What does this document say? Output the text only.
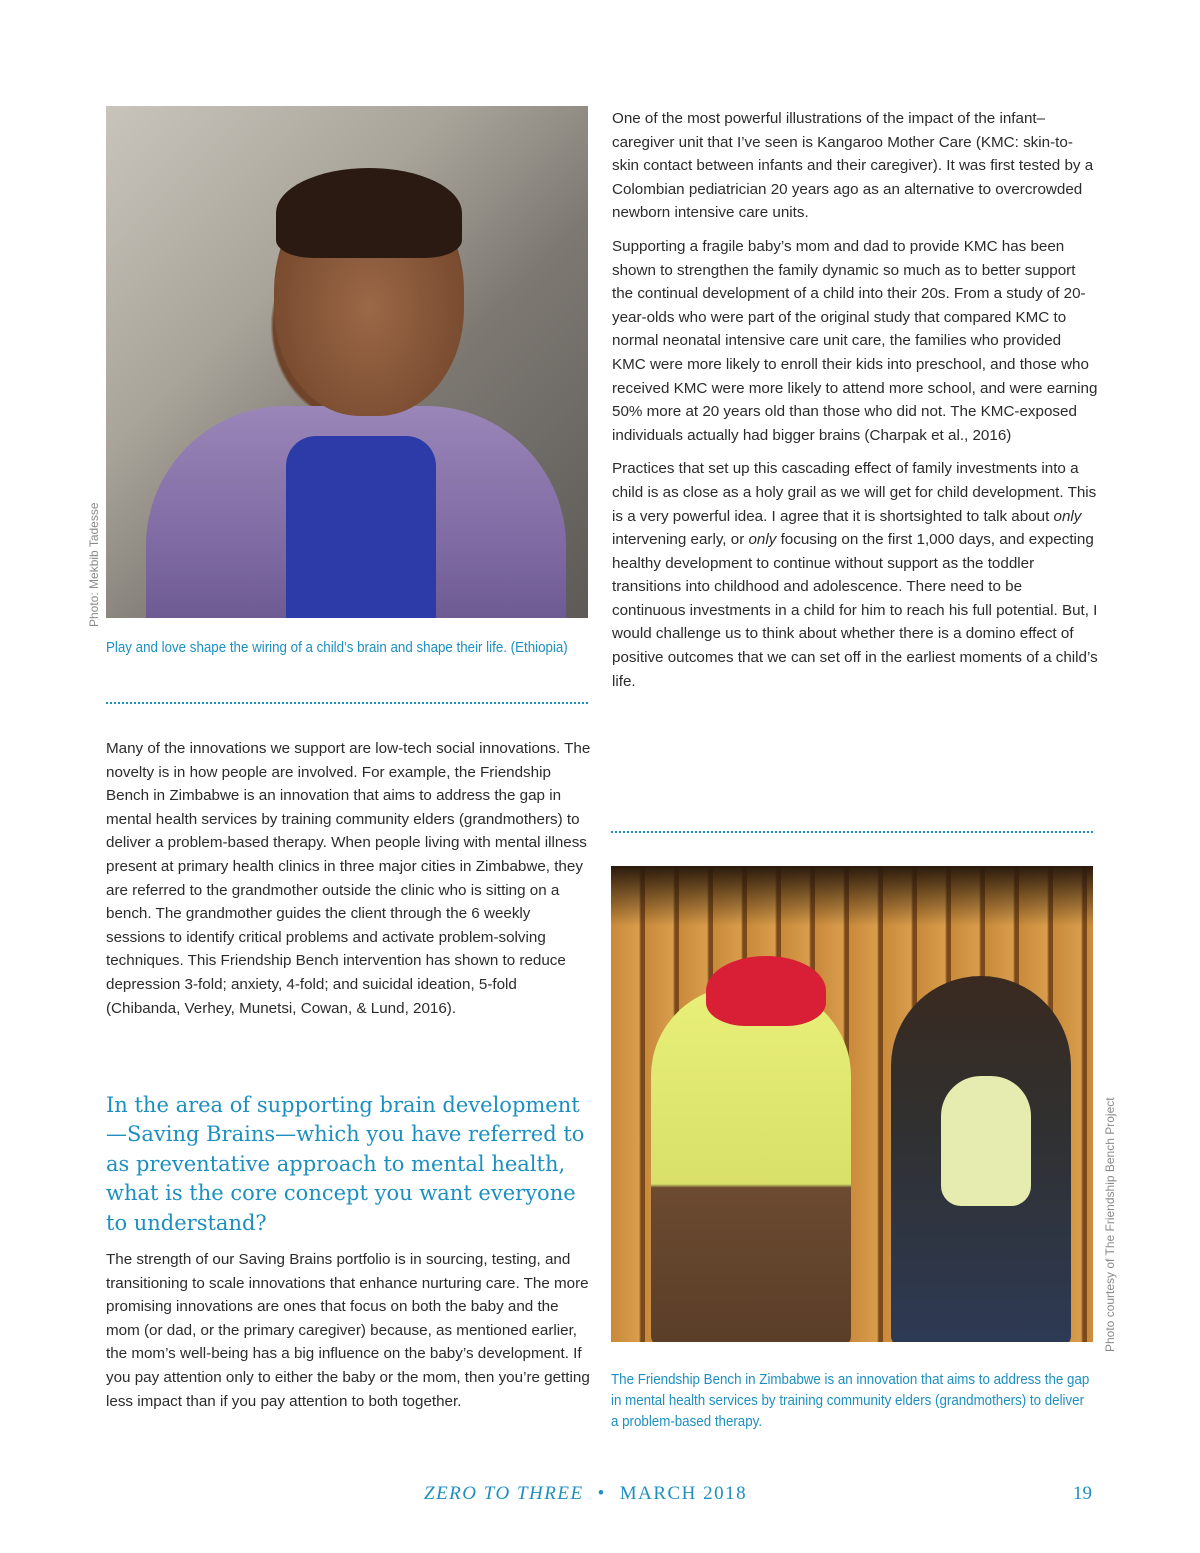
Photo: Mekbib Tadesse
Play and love shape the wiring of a child’s brain and shape their life. (Ethiopia)

Many of the innovations we support are low-tech social innovations. The novelty is in how people are involved. For example, the Friendship Bench in Zimbabwe is an innovation that aims to address the gap in mental health services by training community elders (grandmothers) to deliver a problem-based therapy. When people living with mental illness present at primary health clinics in three major cities in Zimbabwe, they are referred to the grandmother outside the clinic who is sitting on a bench. The grandmother guides the client through the 6 weekly sessions to identify critical problems and activate problem-solving techniques. This Friendship Bench intervention has shown to reduce depression 3-fold; anxiety, 4-fold; and suicidal ideation, 5-fold (Chibanda, Verhey, Munetsi, Cowan, & Lund, 2016).

In the area of supporting brain development—Saving Brains—which you have referred to as preventative approach to mental health, what is the core concept you want everyone to understand?

The strength of our Saving Brains portfolio is in sourcing, testing, and transitioning to scale innovations that enhance nurturing care. The more promising innovations are ones that focus on both the baby and the mom (or dad, or the primary caregiver) because, as mentioned earlier, the mom’s well-being has a big influence on the baby’s development. If you pay attention only to either the baby or the mom, then you’re getting less impact than if you pay attention to both together.

One of the most powerful illustrations of the impact of the infant–caregiver unit that I’ve seen is Kangaroo Mother Care (KMC: skin-to-skin contact between infants and their caregiver). It was first tested by a Colombian pediatrician 20 years ago as an alternative to overcrowded newborn intensive care units.

Supporting a fragile baby’s mom and dad to provide KMC has been shown to strengthen the family dynamic so much as to better support the continual development of a child into their 20s. From a study of 20-year-olds who were part of the original study that compared KMC to normal neonatal intensive care unit care, the families who provided KMC were more likely to enroll their kids into preschool, and those who received KMC were more likely to attend more school, and were earning 50% more at 20 years old than those who did not. The KMC-exposed individuals actually had bigger brains (Charpak et al., 2016)

Practices that set up this cascading effect of family investments into a child is as close as a holy grail as we will get for child development. This is a very powerful idea. I agree that it is shortsighted to talk about only intervening early, or only focusing on the first 1,000 days, and expecting healthy development to continue without support as the toddler transitions into childhood and adolescence. There need to be continuous investments in a child for him to reach his full potential. But, I would challenge us to think about whether there is a domino effect of positive outcomes that we can set off in the earliest moments of a child’s life.

Photo courtesy of The Friendship Bench Project
The Friendship Bench in Zimbabwe is an innovation that aims to address the gap in mental health services by training community elders (grandmothers) to deliver a problem-based therapy.
ZERO TO THREE • MARCH 2018	19
